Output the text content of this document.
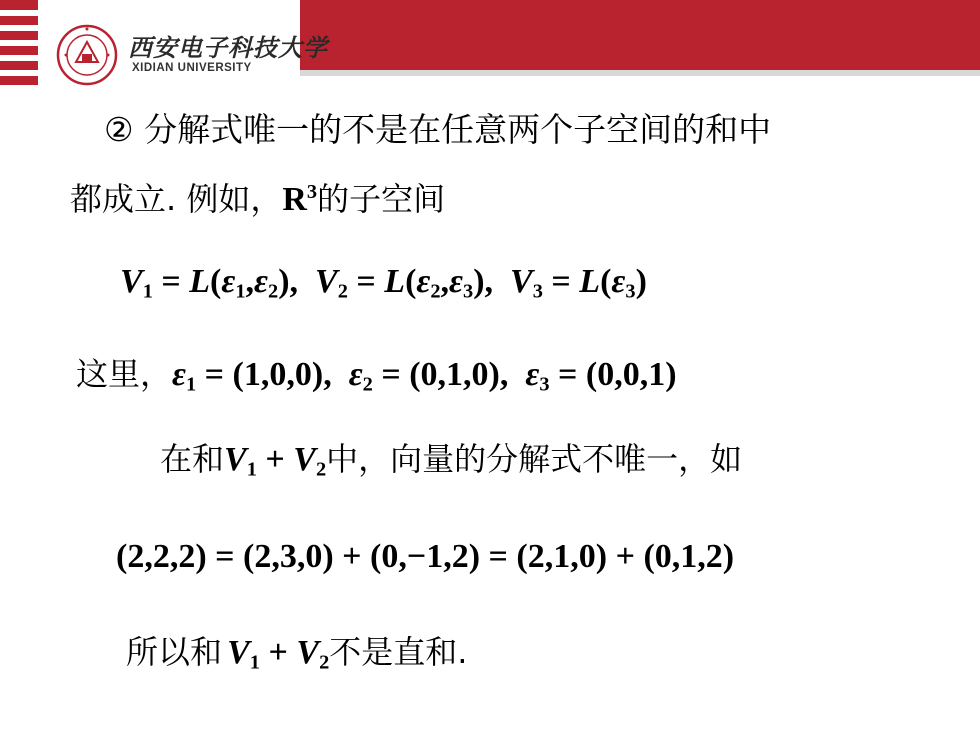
西安电子科技大学
XIDIAN UNIVERSITY
② 分解式唯一的不是在任意两个子空间的和中
都成立. 例如，$R^3$的子空间
$V_1 = L(\varepsilon_1,\varepsilon_2)$,  $V_2 = L(\varepsilon_2,\varepsilon_3)$,  $V_3 = L(\varepsilon_3)$
这里，$\varepsilon_1 = (1,0,0)$, $\varepsilon_2 = (0,1,0)$, $\varepsilon_3 = (0,0,1)$
在和$V_1 + V_2$中，向量的分解式不唯一，如
(2,2,2) = (2,3,0) + (0,−1,2) = (2,1,0) + (0,1,2)
所以和 $V_1 + V_2$不是直和.
